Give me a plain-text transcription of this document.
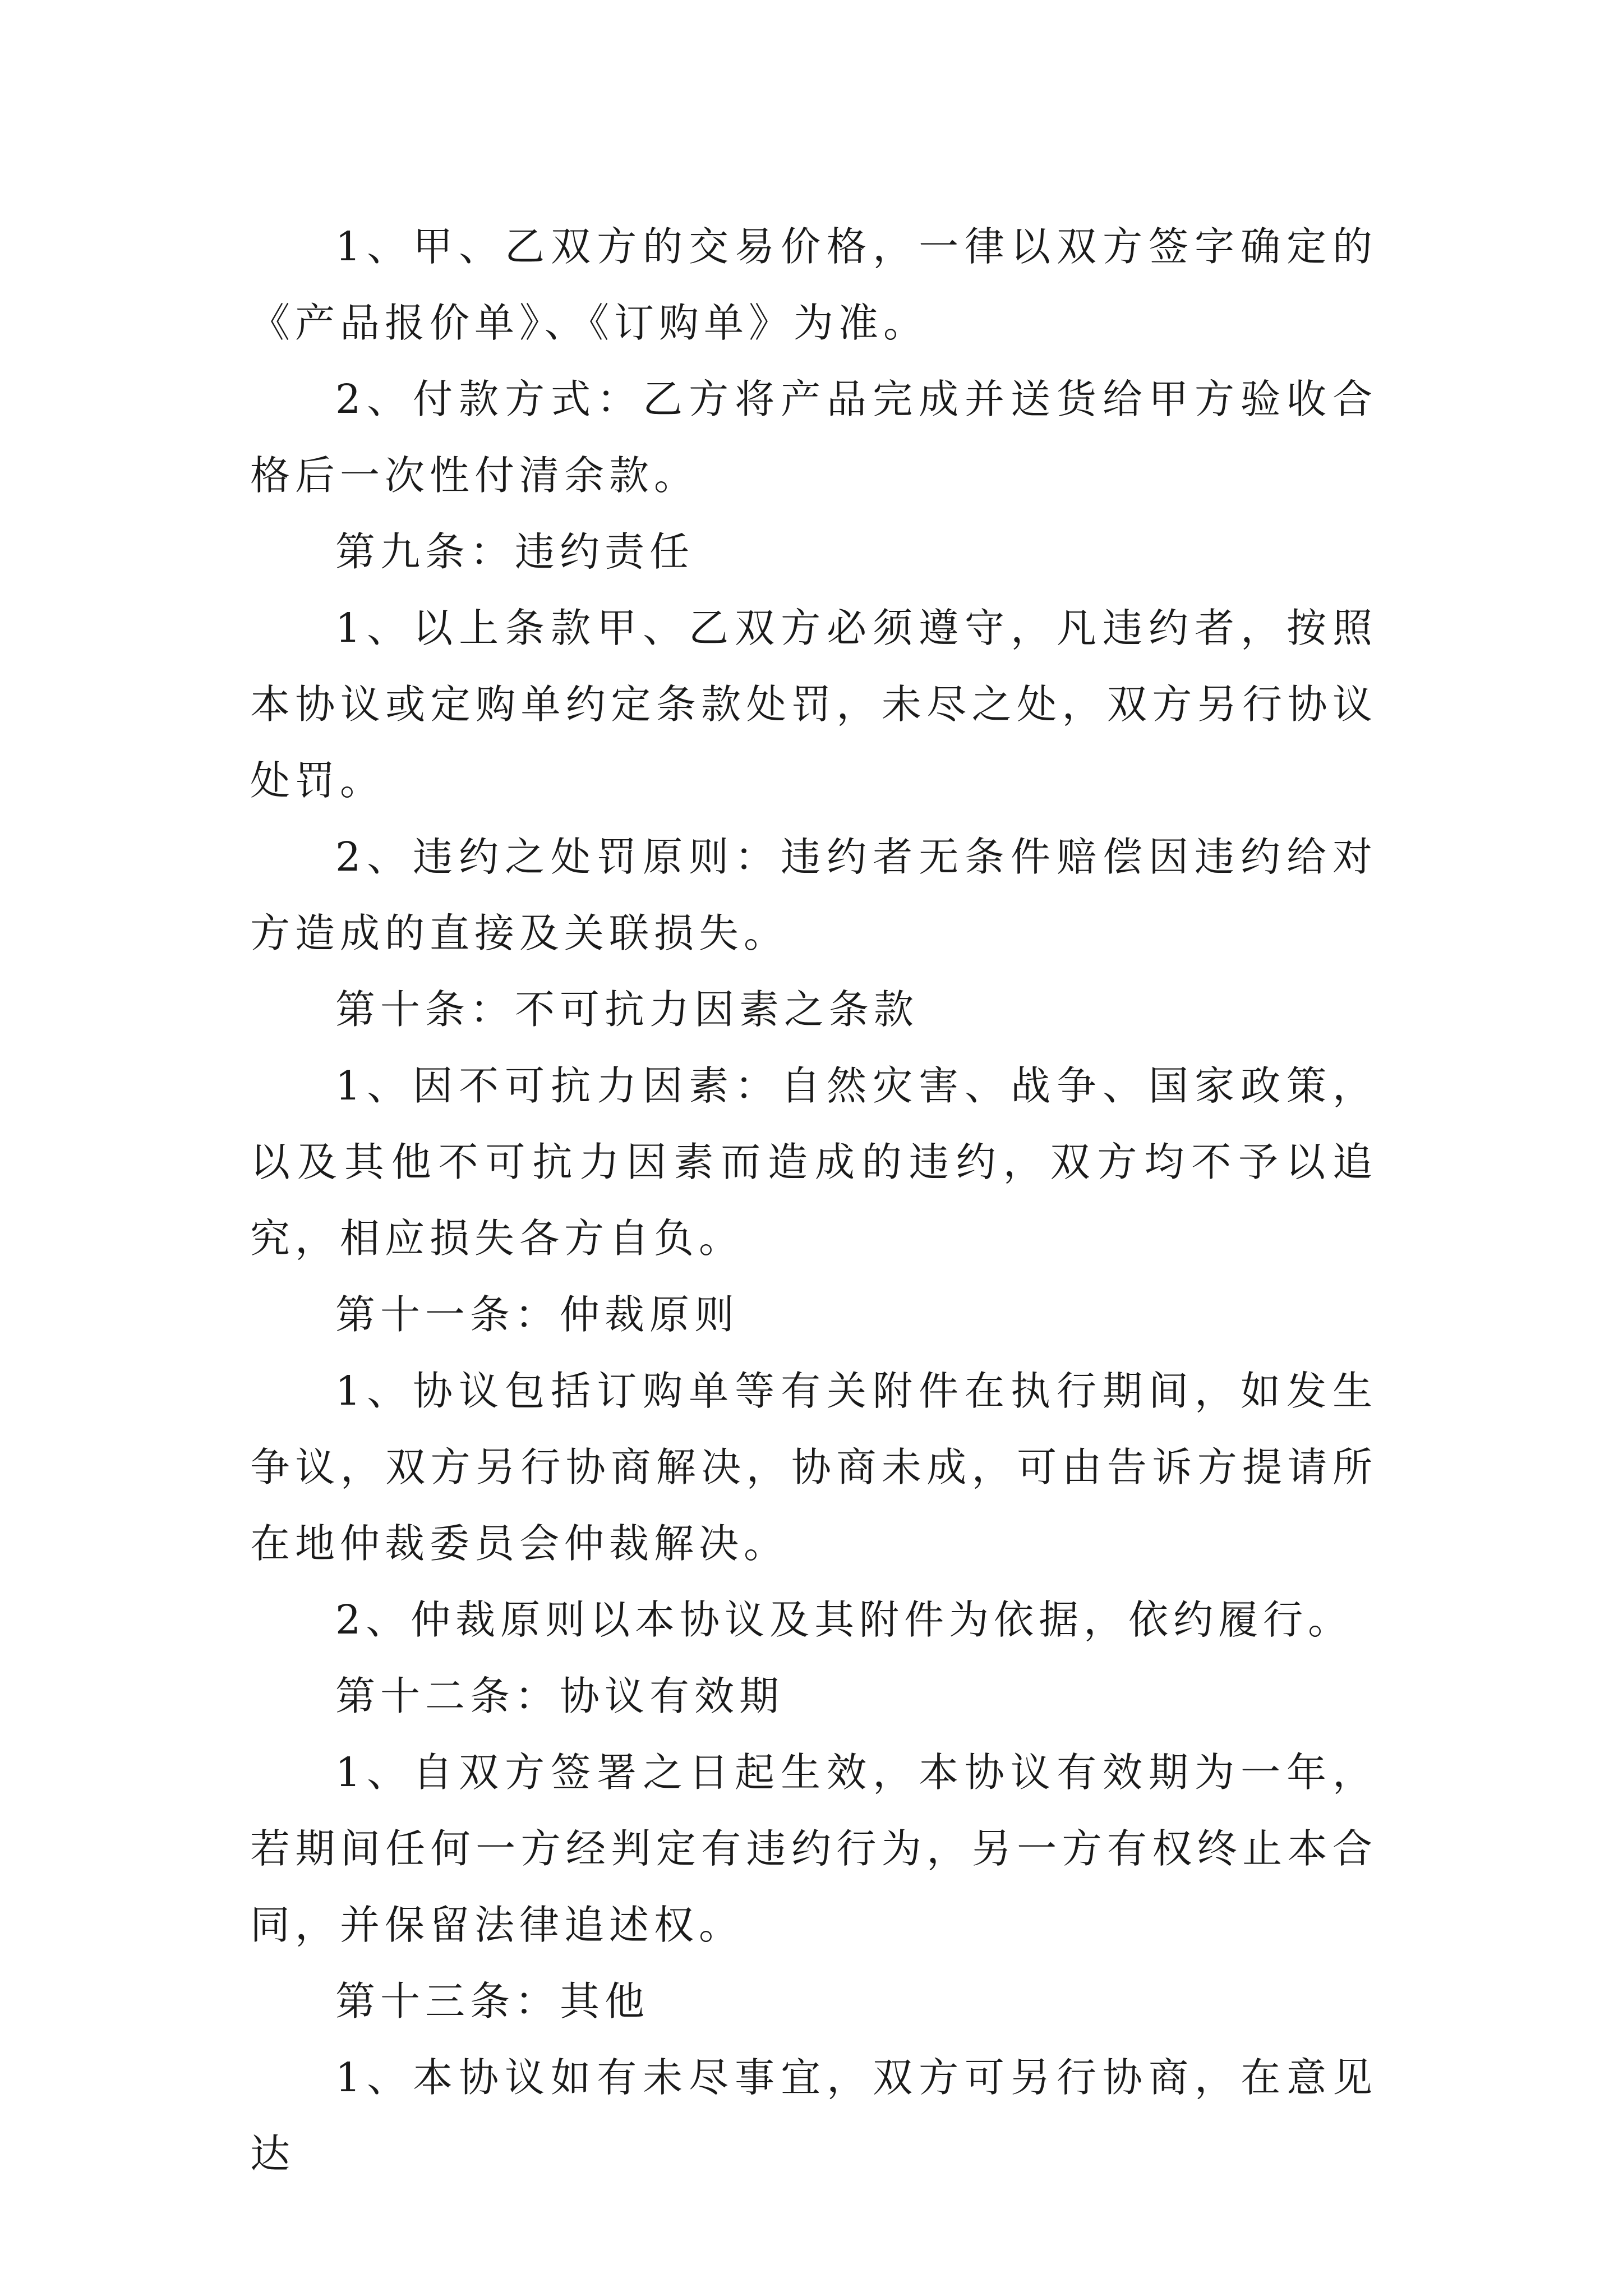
1、甲、乙双方的交易价格，一律以双方签字确定的《产品报价单》、《订购单》为准。

2、付款方式：乙方将产品完成并送货给甲方验收合格后一次性付清余款。

第九条：违约责任

1、以上条款甲、乙双方必须遵守，凡违约者，按照本协议或定购单约定条款处罚，未尽之处，双方另行协议处罚。

2、违约之处罚原则：违约者无条件赔偿因违约给对方造成的直接及关联损失。

第十条：不可抗力因素之条款

1、因不可抗力因素：自然灾害、战争、国家政策，以及其他不可抗力因素而造成的违约，双方均不予以追究，相应损失各方自负。

第十一条：仲裁原则

1、协议包括订购单等有关附件在执行期间，如发生争议，双方另行协商解决，协商未成，可由告诉方提请所在地仲裁委员会仲裁解决。

2、仲裁原则以本协议及其附件为依据，依约履行。

第十二条：协议有效期

1、自双方签署之日起生效，本协议有效期为一年，若期间任何一方经判定有违约行为，另一方有权终止本合同，并保留法律追述权。

第十三条：其他

1、本协议如有未尽事宜，双方可另行协商，在意见达
